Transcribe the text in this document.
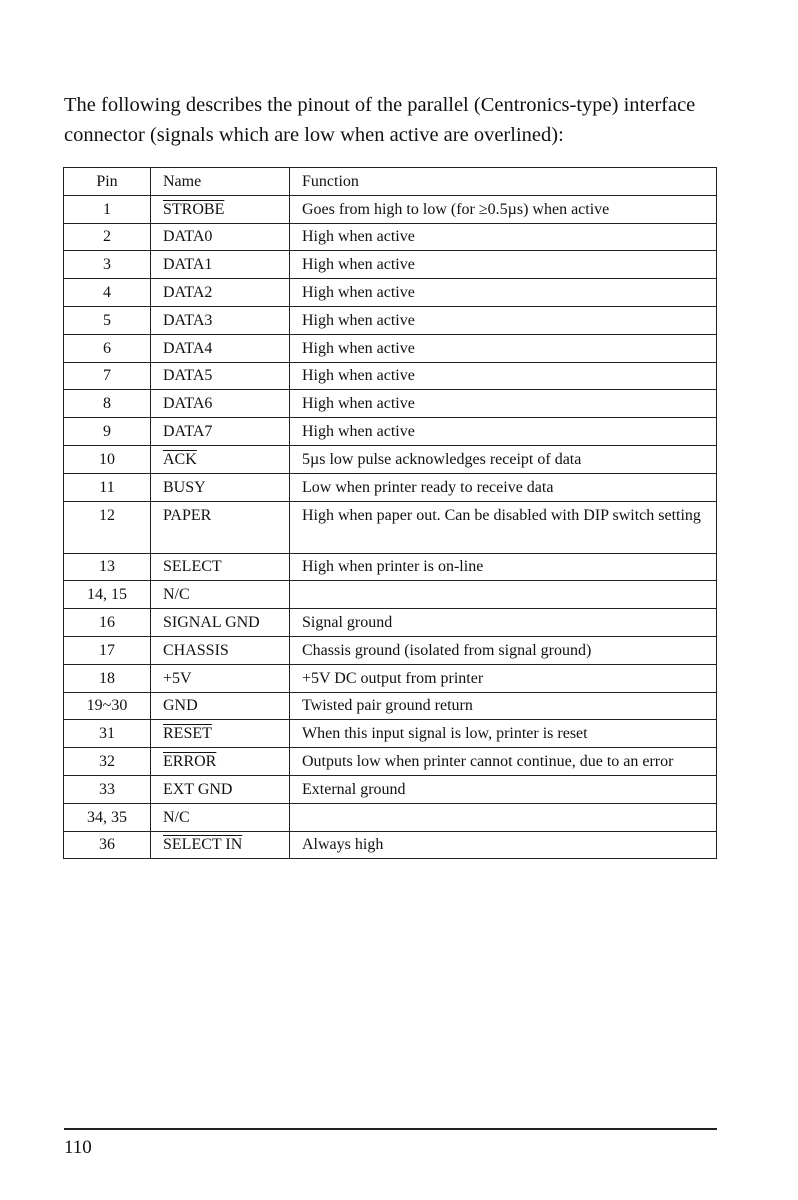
The following describes the pinout of the parallel (Centronics-type) interface connector (signals which are low when active are overlined):

Pin	Name	Function
1	STROBE	Goes from high to low (for ≥0.5µs) when active
2	DATA0	High when active
3	DATA1	High when active
4	DATA2	High when active
5	DATA3	High when active
6	DATA4	High when active
7	DATA5	High when active
8	DATA6	High when active
9	DATA7	High when active
10	$\overline{ACK}$	5µs low pulse acknowledges receipt of data
11	BUSY	Low when printer ready to receive data
12	PAPER	High when paper out. Can be disabled with DIP switch setting
13	SELECT	High when printer is on-line
14, 15	N/C	
16	SIGNAL GND	Signal ground
17	CHASSIS	Chassis ground (isolated from signal ground)
18	+5V	+5V DC output from printer
19~30	GND	Twisted pair ground return
31	RESET	When this input signal is low, printer is reset
32	ERROR	Outputs low when printer cannot continue, due to an error
33	EXT GND	External ground
34, 35	N/C	
36	SELECT IN	Always high
110
